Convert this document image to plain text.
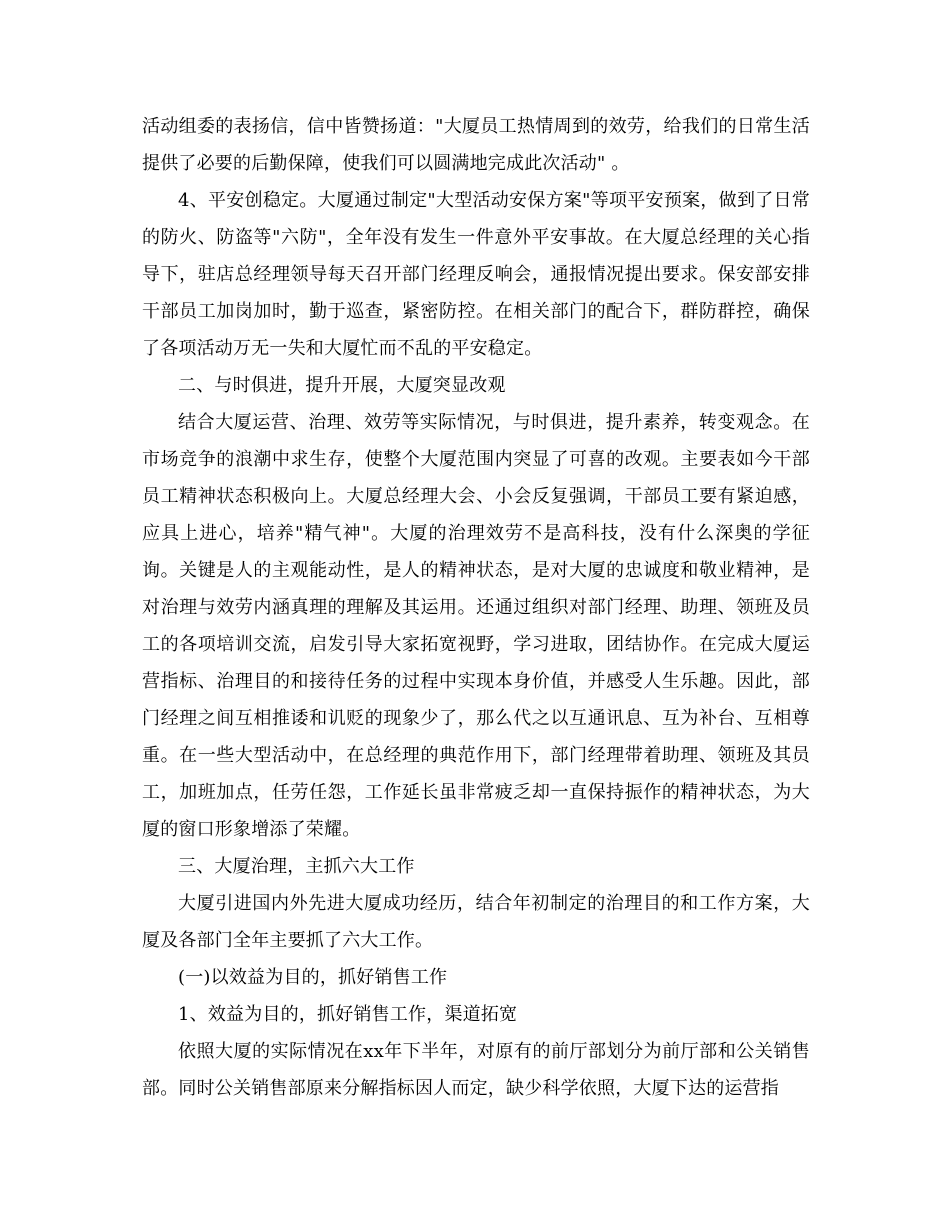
活动组委的表扬信，信中皆赞扬道："大厦员工热情周到的效劳，给我们的日常生活提供了必要的后勤保障，使我们可以圆满地完成此次活动" 。

4、平安创稳定。大厦通过制定"大型活动安保方案"等项平安预案，做到了日常的防火、防盗等"六防"，全年没有发生一件意外平安事故。在大厦总经理的关心指导下，驻店总经理领导每天召开部门经理反响会，通报情况提出要求。保安部安排干部员工加岗加时，勤于巡查，紧密防控。在相关部门的配合下，群防群控，确保了各项活动万无一失和大厦忙而不乱的平安稳定。

二、与时俱进，提升开展，大厦突显改观

结合大厦运营、治理、效劳等实际情况，与时俱进，提升素养，转变观念。在市场竞争的浪潮中求生存，使整个大厦范围内突显了可喜的改观。主要表如今干部员工精神状态积极向上。大厦总经理大会、小会反复强调，干部员工要有紧迫感，应具上进心，培养"精气神"。大厦的治理效劳不是高科技，没有什么深奥的学征询。关键是人的主观能动性，是人的精神状态，是对大厦的忠诚度和敬业精神，是对治理与效劳内涵真理的理解及其运用。还通过组织对部门经理、助理、领班及员工的各项培训交流，启发引导大家拓宽视野，学习进取，团结协作。在完成大厦运营指标、治理目的和接待任务的过程中实现本身价值，并感受人生乐趣。因此，部门经理之间互相推诿和讥贬的现象少了，那么代之以互通讯息、互为补台、互相尊重。在一些大型活动中，在总经理的典范作用下，部门经理带着助理、领班及其员工，加班加点，任劳任怨，工作延长虽非常疲乏却一直保持振作的精神状态，为大厦的窗口形象增添了荣耀。

三、大厦治理，主抓六大工作

大厦引进国内外先进大厦成功经历，结合年初制定的治理目的和工作方案，大厦及各部门全年主要抓了六大工作。

(一)以效益为目的，抓好销售工作

1、效益为目的，抓好销售工作，渠道拓宽

依照大厦的实际情况在xx年下半年，对原有的前厅部划分为前厅部和公关销售部。同时公关销售部原来分解指标因人而定，缺少科学依照，大厦下达的运营指
